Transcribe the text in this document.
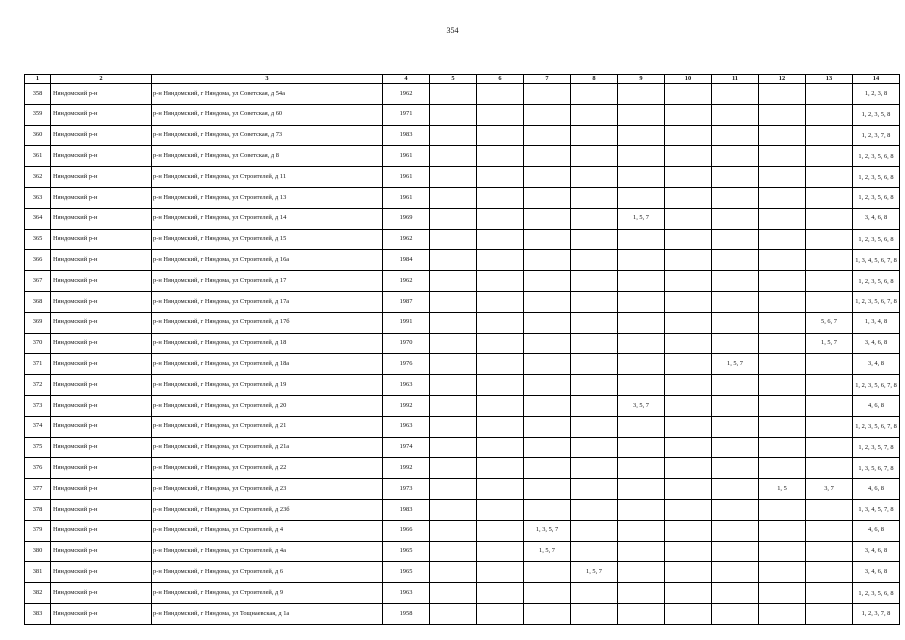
354
1	2	3	4	5	6	7	8	9	10	11	12	13	14
358	Няндомский р-н	р-н Няндомский, г Няндома, ул Советская, д 54а	1962										1, 2, 3, 8
359	Няндомский р-н	р-н Няндомский, г Няндома, ул Советская, д 60	1971										1, 2, 3, 5, 8
360	Няндомский р-н	р-н Няндомский, г Няндома, ул Советская, д 73	1983										1, 2, 3, 7, 8
361	Няндомский р-н	р-н Няндомский, г Няндома, ул Советская, д 8	1961										1, 2, 3, 5, 6, 8
362	Няндомский р-н	р-н Няндомский, г Няндома, ул Строителей, д 11	1961										1, 2, 3, 5, 6, 8
363	Няндомский р-н	р-н Няндомский, г Няндома, ул Строителей, д 13	1961										1, 2, 3, 5, 6, 8
364	Няндомский р-н	р-н Няндомский, г Няндома, ул Строителей, д 14	1969					1, 5, 7					3, 4, 6, 8
365	Няндомский р-н	р-н Няндомский, г Няндома, ул Строителей, д 15	1962										1, 2, 3, 5, 6, 8
366	Няндомский р-н	р-н Няндомский, г Няндома, ул Строителей, д 16а	1984										1, 3, 4, 5, 6, 7, 8
367	Няндомский р-н	р-н Няндомский, г Няндома, ул Строителей, д 17	1962										1, 2, 3, 5, 6, 8
368	Няндомский р-н	р-н Няндомский, г Няндома, ул Строителей, д 17а	1987										1, 2, 3, 5, 6, 7, 8
369	Няндомский р-н	р-н Няндомский, г Няндома, ул Строителей, д 17б	1991									5, 6, 7	1, 3, 4, 8
370	Няндомский р-н	р-н Няндомский, г Няндома, ул Строителей, д 18	1970									1, 5, 7	3, 4, 6, 8
371	Няндомский р-н	р-н Няндомский, г Няндома, ул Строителей, д 18а	1976							1, 5, 7			3, 4, 8
372	Няндомский р-н	р-н Няндомский, г Няндома, ул Строителей, д 19	1963										1, 2, 3, 5, 6, 7, 8
373	Няндомский р-н	р-н Няндомский, г Няндома, ул Строителей, д 20	1992					3, 5, 7					4, 6, 8
374	Няндомский р-н	р-н Няндомский, г Няндома, ул Строителей, д 21	1963										1, 2, 3, 5, 6, 7, 8
375	Няндомский р-н	р-н Няндомский, г Няндома, ул Строителей, д 21а	1974										1, 2, 3, 5, 7, 8
376	Няндомский р-н	р-н Няндомский, г Няндома, ул Строителей, д 22	1992										1, 3, 5, 6, 7, 8
377	Няндомский р-н	р-н Няндомский, г Няндома, ул Строителей, д 23	1973								1, 5	3, 7	4, 6, 8
378	Няндомский р-н	р-н Няндомский, г Няндома, ул Строителей, д 23б	1983										1, 3, 4, 5, 7, 8
379	Няндомский р-н	р-н Няндомский, г Няндома, ул Строителей, д 4	1966			1, 3, 5, 7							4, 6, 8
380	Няндомский р-н	р-н Няндомский, г Няндома, ул Строителей, д 4а	1965			1, 5, 7							3, 4, 6, 8
381	Няндомский р-н	р-н Няндомский, г Няндома, ул Строителей, д 6	1965				1, 5, 7						3, 4, 6, 8
382	Няндомский р-н	р-н Няндомский, г Няндома, ул Строителей, д 9	1963										1, 2, 3, 5, 6, 8
383	Няндомский р-н	р-н Няндомский, г Няндома, ул Тощнаевская, д 1а	1958										1, 2, 3, 7, 8
